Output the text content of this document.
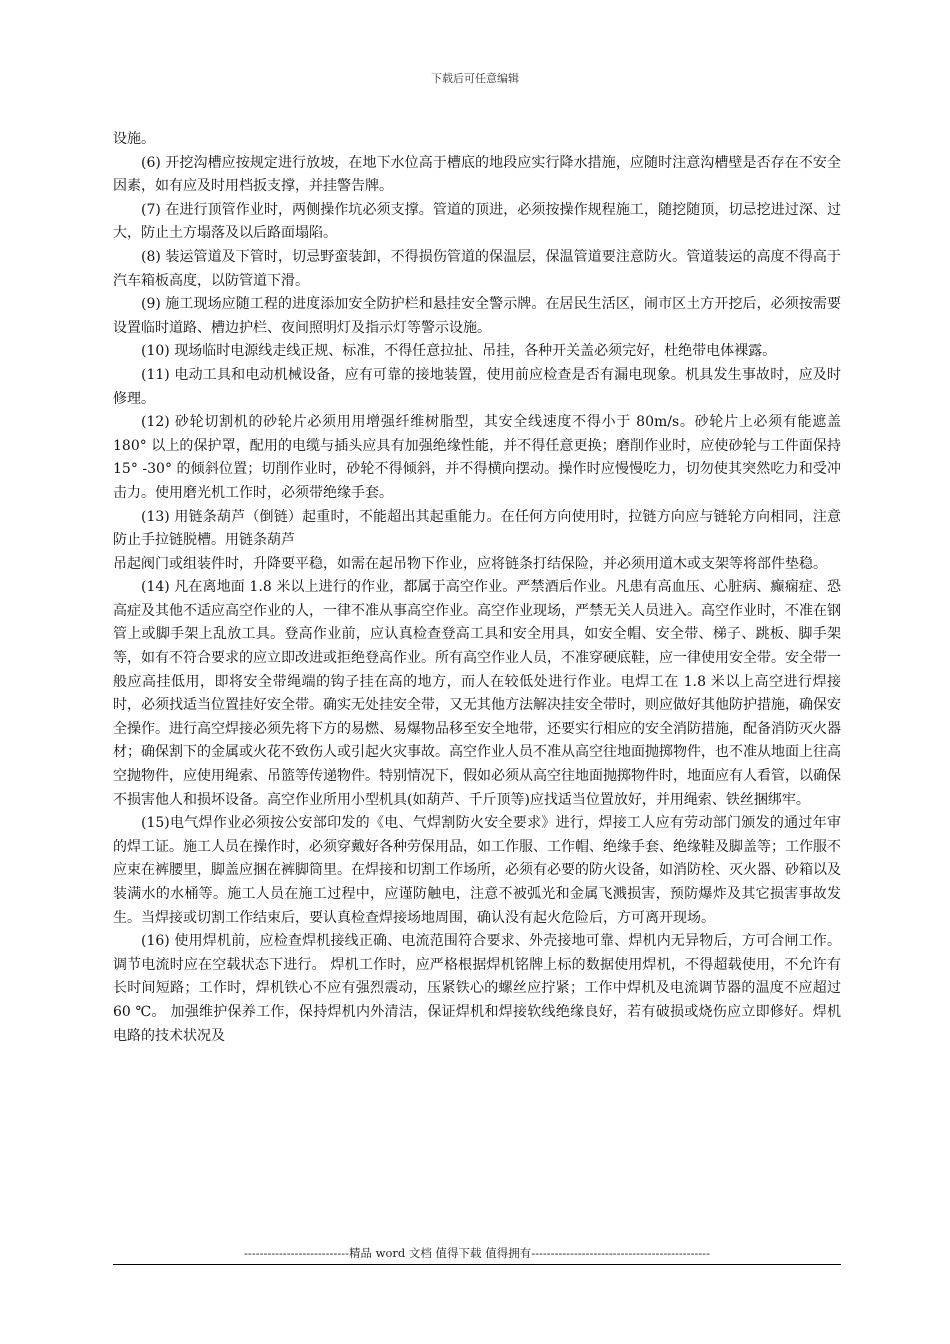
下载后可任意编辑

设施。

(6) 开挖沟槽应按规定进行放坡，在地下水位高于槽底的地段应实行降水措施，应随时注意沟槽壁是否存在不安全因素，如有应及时用档扳支撑，并挂警告牌。

(7) 在进行顶管作业时，两侧操作坑必须支撑。管道的顶进，必须按操作规程施工，随挖随顶，切忌挖进过深、过大，防止土方塌落及以后路面塌陷。

(8) 装运管道及下管时，切忌野蛮装卸，不得损伤管道的保温层，保温管道要注意防火。管道装运的高度不得高于汽车箱板高度，以防管道下滑。

(9) 施工现场应随工程的进度添加安全防护栏和悬挂安全警示牌。在居民生活区，闹市区土方开挖后，必须按需要设置临时道路、槽边护栏、夜间照明灯及指示灯等警示设施。

(10) 现场临时电源线走线正规、标准，不得任意拉扯、吊挂，各种开关盖必须完好，杜绝带电体裸露。

(11) 电动工具和电动机械设备，应有可靠的接地装置，使用前应检查是否有漏电现象。机具发生事故时，应及时修理。

(12) 砂轮切割机的砂轮片必须用用增强纤维树脂型，其安全线速度不得小于 80m/s。砂轮片上必须有能遮盖 180° 以上的保护罩，配用的电缆与插头应具有加强绝缘性能，并不得任意更换；磨削作业时，应使砂轮与工件面保持 15° -30° 的倾斜位置；切削作业时，砂轮不得倾斜，并不得横向摆动。操作时应慢慢吃力，切勿使其突然吃力和受冲击力。使用磨光机工作时，必须带绝缘手套。

(13) 用链条葫芦（倒链）起重时，不能超出其起重能力。在任何方向使用时，拉链方向应与链轮方向相同，注意防止手拉链脱槽。用链条葫芦

吊起阀门或组装件时，升降要平稳，如需在起吊物下作业，应将链条打结保险，并必须用道木或支架等将部件垫稳。

(14) 凡在离地面 1.8 米以上进行的作业，都属于高空作业。严禁酒后作业。凡患有高血压、心脏病、癫痫症、恐高症及其他不适应高空作业的人，一律不准从事高空作业。高空作业现场，严禁无关人员进入。高空作业时，不准在钢管上或脚手架上乱放工具。登高作业前，应认真检查登高工具和安全用具，如安全帽、安全带、梯子、跳板、脚手架等，如有不符合要求的应立即改进或拒绝登高作业。所有高空作业人员，不准穿硬底鞋，应一律使用安全带。安全带一般应高挂低用，即将安全带绳端的钩子挂在高的地方，而人在较低处进行作业。电焊工在 1.8 米以上高空进行焊接时，必须找适当位置挂好安全带。确实无处挂安全带，又无其他方法解决挂安全带时，则应做好其他防护措施，确保安全操作。进行高空焊接必须先将下方的易燃、易爆物品移至安全地带，还要实行相应的安全消防措施，配备消防灭火器材；确保割下的金属或火花不致伤人或引起火灾事故。高空作业人员不准从高空往地面抛掷物件，也不准从地面上往高空抛物件，应使用绳索、吊篮等传递物件。特别情况下，假如必须从高空往地面抛掷物件时，地面应有人看管，以确保不损害他人和损坏设备。高空作业所用小型机具(如葫芦、千斤顶等)应找适当位置放好，并用绳索、铁丝捆绑牢。

(15)电气焊作业必须按公安部印发的《电、气焊割防火安全要求》进行，焊接工人应有劳动部门颁发的通过年审的焊工证。施工人员在操作时，必须穿戴好各种劳保用品，如工作服、工作帽、绝缘手套、绝缘鞋及脚盖等；工作服不应束在裤腰里，脚盖应捆在裤脚筒里。在焊接和切割工作场所，必须有必要的防火设备，如消防栓、灭火器、砂箱以及装满水的水桶等。施工人员在施工过程中，应谨防触电，注意不被弧光和金属飞溅损害，预防爆炸及其它损害事故发生。当焊接或切割工作结束后，要认真检查焊接场地周围，确认没有起火危险后，方可离开现场。

(16) 使用焊机前，应检查焊机接线正确、电流范围符合要求、外壳接地可靠、焊机内无异物后，方可合闸工作。调节电流时应在空载状态下进行。 焊机工作时，应严格根据焊机铭牌上标的数据使用焊机，不得超载使用，不允许有长时间短路；工作时，焊机铁心不应有强烈震动，压紧铁心的螺丝应拧紧；工作中焊机及电流调节器的温度不应超过 60 ℃。 加强维护保养工作，保持焊机内外清洁，保证焊机和焊接软线绝缘良好，若有破损或烧伤应立即修好。焊机电路的技术状况及

---------------------------精品 word 文档 值得下载 值得拥有----------------------------------------------
